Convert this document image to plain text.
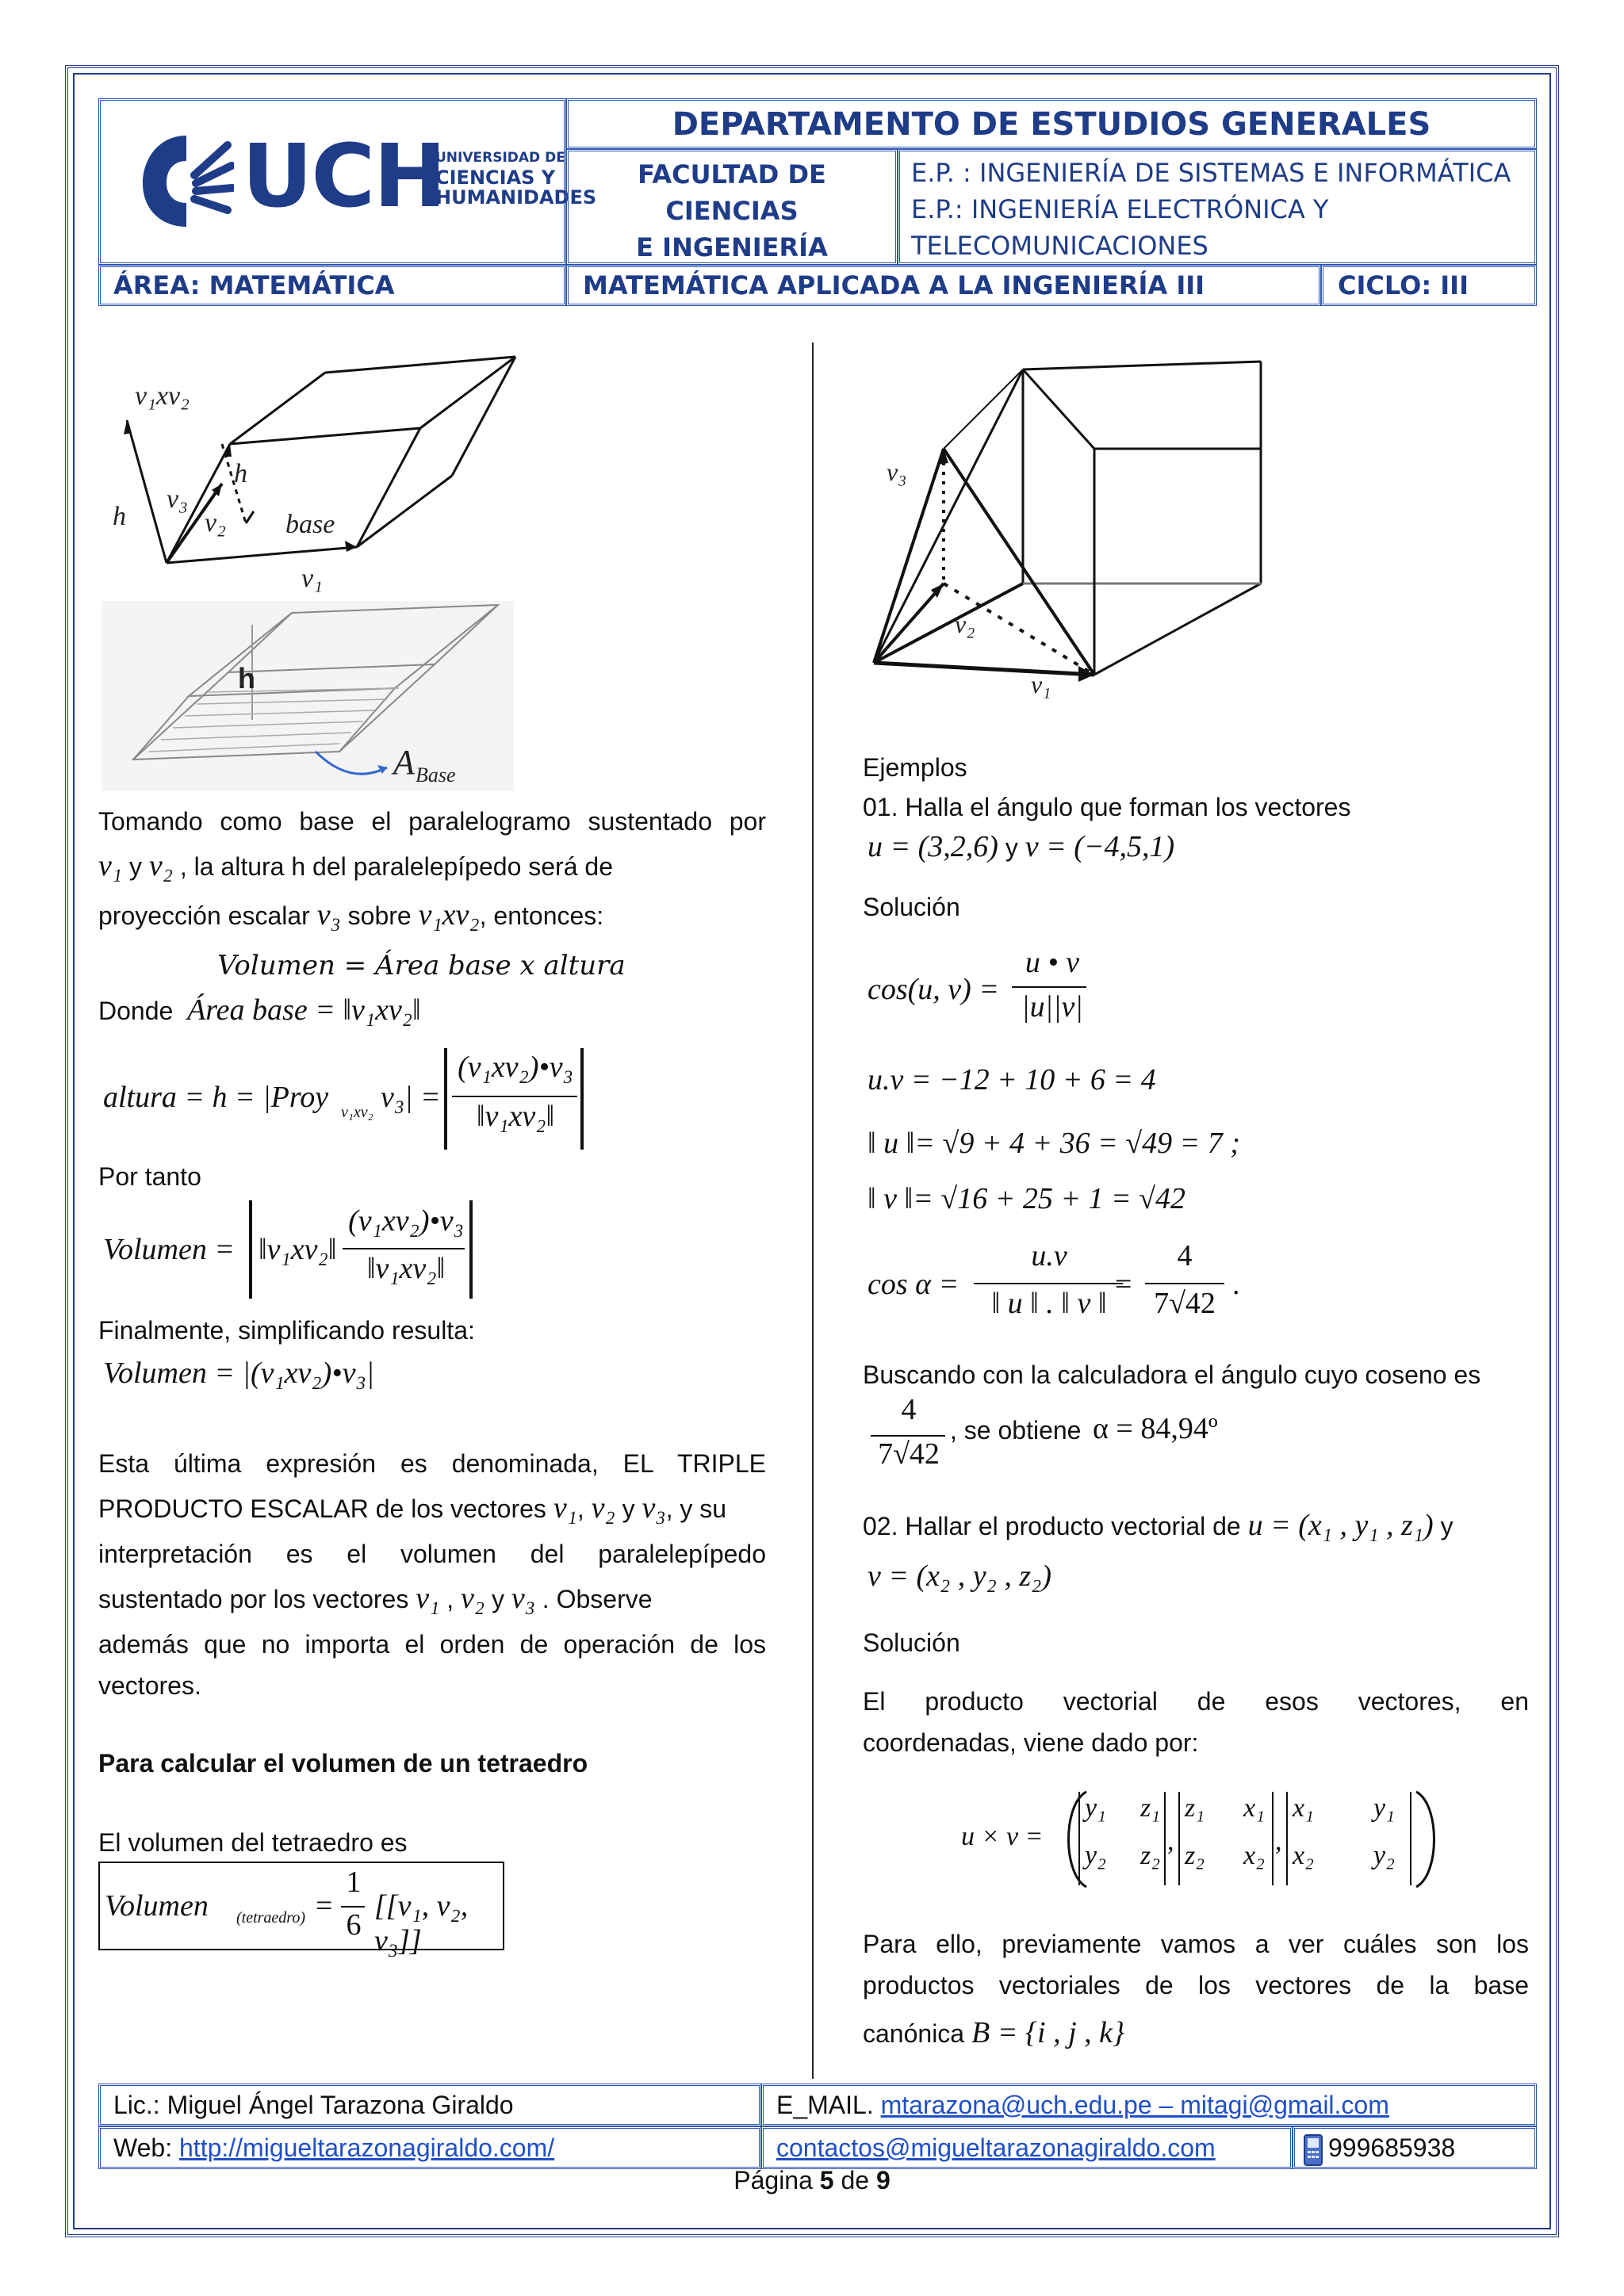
UCH
UNIVERSIDAD DE
CIENCIAS Y
HUMANIDADES
DEPARTAMENTO DE ESTUDIOS GENERALES
FACULTAD DE CIENCIAS
E INGENIERÍA
E.P. : INGENIERÍA DE SISTEMAS E INFORMÁTICA
E.P.: INGENIERÍA ELECTRÓNICA Y
TELECOMUNICACIONES
ÁREA: MATEMÁTICA	MATEMÁTICA APLICADA A LA INGENIERÍA III	CICLO: III
v₁xv₂
h
v₃
h
v₂ base
v₁
h
A Base
Tomando como base el paralelogramo sustentado por
v₁ y v₂ , la altura h del paralelepípedo será de
proyección escalar v₃ sobre v₁xv₂, entonces:
Volumen = Área base x altura
Donde Área base = ‖v₁xv₂‖
altura = h = |Proy v₁xv₂ v₃| =
(v₁xv₂)•v₃
‖v₁xv₂‖
Por tanto
Volumen = ‖v₁xv₂‖
(v₁xv₂)•v₃
‖v₁xv₂‖
Finalmente, simplificando resulta:
Volumen = |(v₁xv₂)•v₃|
Esta última expresión es denominada, EL TRIPLE
PRODUCTO ESCALAR de los vectores v₁, v₂ y v₃, y su
interpretación es el volumen del paralelepípedo
sustentado por los vectores v₁ , v₂ y v₃ . Observe
además que no importa el orden de operación de los
vectores.
Para calcular el volumen de un tetraedro
El volumen del tetraedro es
Volumen (tetraedro) =
1
6
[[v₁, v₂, v₃]]
v₃
v₂
v₁
Ejemplos
01. Halla el ángulo que forman los vectores
u = (3,2,6) y v = (−4,5,1)
Solución
cos(u, v) =
u • v
|u||v|
u.v = −12 + 10 + 6 = 4
‖ u ‖= √9 + 4 + 36 = √49 = 7 ;
‖ v ‖= √16 + 25 + 1 = √42
cos α =
u.v
‖ u ‖ . ‖ v ‖
=
4
7√42
.
Buscando con la calculadora el ángulo cuyo coseno es
4
7√42
, se obtiene α = 84,94º
02. Hallar el producto vectorial de u = (x₁ , y₁ , z₁) y
v = (x₂ , y₂ , z₂)
Solución
El producto vectorial de esos vectores, en
coordenadas, viene dado por:
u × v =
y₁ z₁
y₂ z₂ ,
z₁ x₁
z₂ x₂ ,
x₁ y₁
x₂ y₂
Para ello, previamente vamos a ver cuáles son los
productos vectoriales de los vectores de la base
canónica B = {i , j , k}
Lic.: Miguel Ángel Tarazona Giraldo	E_MAIL. mtarazona@uch.edu.pe – mitagi@gmail.com
Web: http://migueltarazonagiraldo.com/	contactos@migueltarazonagiraldo.com	999685938
Página 5 de 9
